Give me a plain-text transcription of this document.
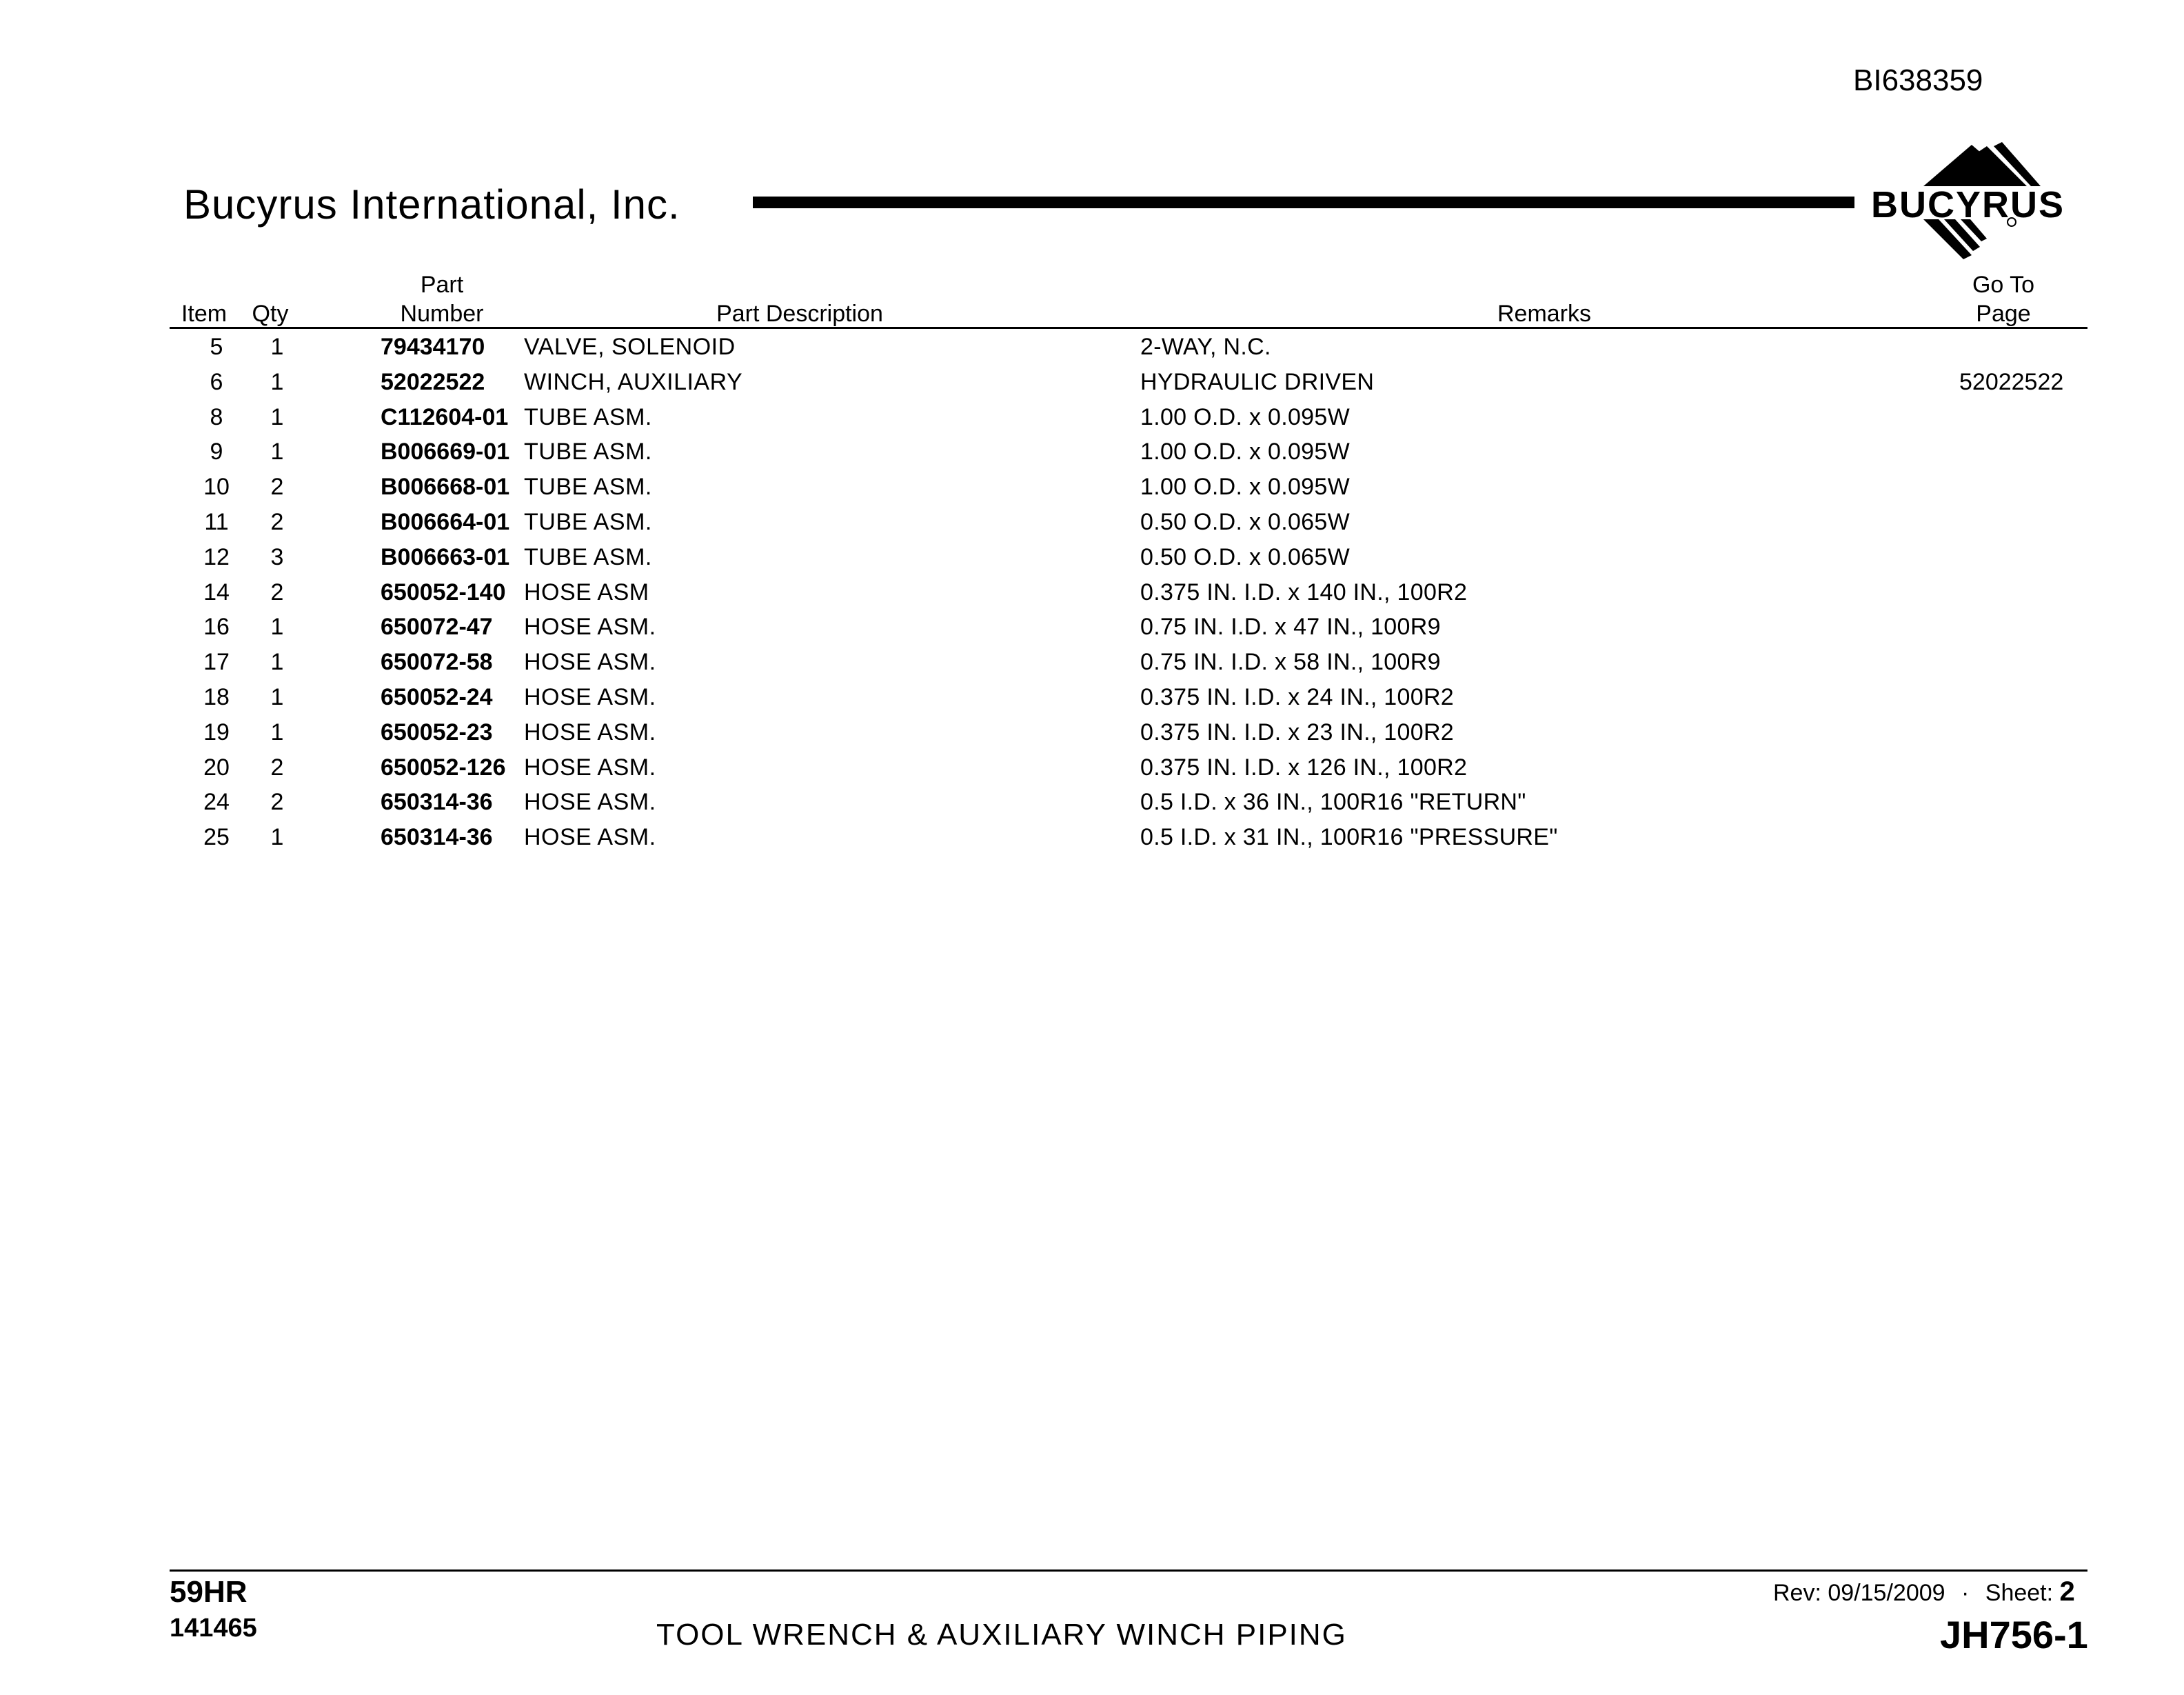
BI638359
Bucyrus International, Inc.	BUCYRUS
Item	Qty
Part
Number	Part Description	Remarks
Go To
Page
5	1	79434170 VALVE, SOLENOID	2-WAY, N.C.
6	1	52022522 WINCH, AUXILIARY	HYDRAULIC DRIVEN	52022522
8	1	C112604-01 TUBE ASM.	1.00 O.D. x 0.095W
9	1	B006669-01 TUBE ASM.	1.00 O.D. x 0.095W
10	2	B006668-01 TUBE ASM.	1.00 O.D. x 0.095W
11	2	B006664-01 TUBE ASM.	0.50 O.D. x 0.065W
12	3	B006663-01 TUBE ASM.	0.50 O.D. x 0.065W
14	2	650052-140 HOSE ASM	0.375 IN. I.D. x 140 IN., 100R2
16	1	650072-47 HOSE ASM.	0.75 IN. I.D. x 47 IN., 100R9
17	1	650072-58 HOSE ASM.	0.75 IN. I.D. x 58 IN., 100R9
18	1	650052-24 HOSE ASM.	0.375 IN. I.D. x 24 IN., 100R2
19	1	650052-23 HOSE ASM.	0.375 IN. I.D. x 23 IN., 100R2
20	2	650052-126 HOSE ASM.	0.375 IN. I.D. x 126 IN., 100R2
24	2	650314-36 HOSE ASM.	0.5 I.D. x 36 IN., 100R16 "RETURN"
25	1	650314-36 HOSE ASM.	0.5 I.D. x 31 IN., 100R16 "PRESSURE"
59HR
141465	TOOL WRENCH & AUXILIARY WINCH PIPING
Rev: 09/15/2009 · Sheet: 2
JH756-1
